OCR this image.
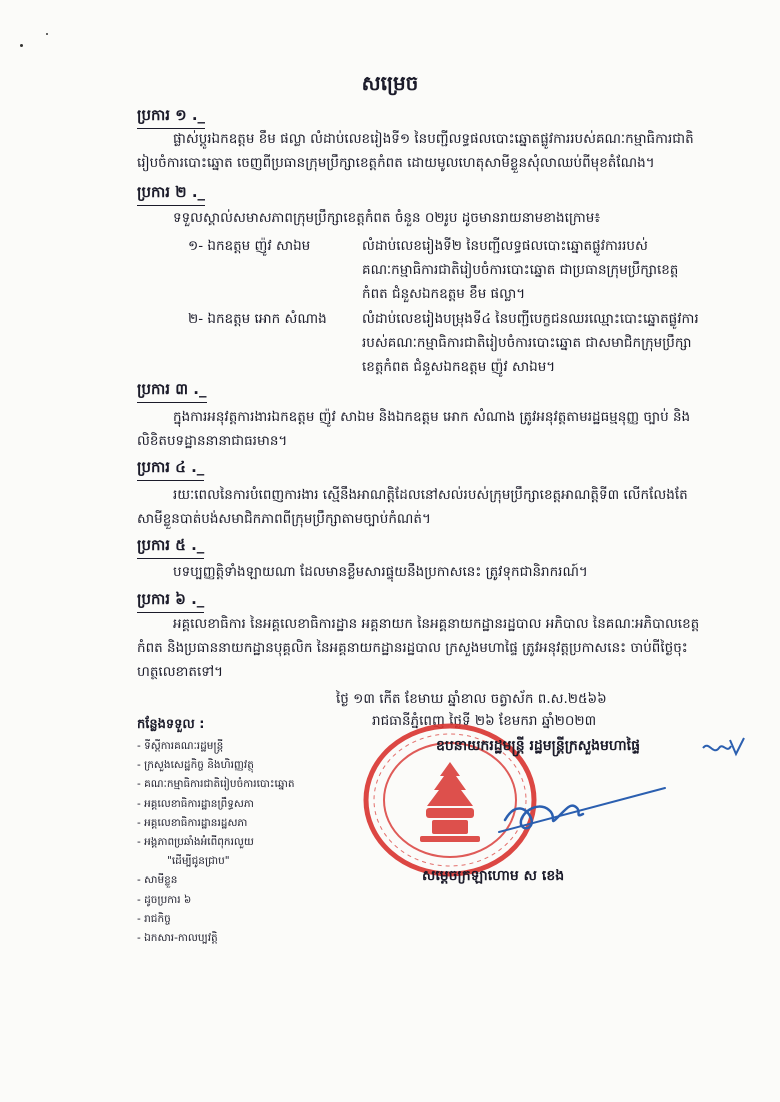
សម្រេច
ប្រការ ១ ._
ផ្លាស់ប្តូរឯកឧត្តម ខឹម ផល្លា លំដាប់លេខរៀងទី១ នៃបញ្ជីលទ្ធផលបោះឆ្នោតផ្លូវការរបស់គណៈកម្មាធិការជាតិរៀបចំការបោះឆ្នោត ចេញពីប្រធានក្រុមប្រឹក្សាខេត្តកំពត ដោយមូលហេតុសាមីខ្លួនសុំលាឈប់ពីមុខតំណែង។
ប្រការ ២ ._
ទទួលស្គាល់សមាសភាពក្រុមប្រឹក្សាខេត្តកំពត ចំនួន ០២រូប ដូចមានរាយនាមខាងក្រោម៖
១- ឯកឧត្តម ញ៉ូវ សាឯម	លំដាប់លេខរៀងទី២ នៃបញ្ជីលទ្ធផលបោះឆ្នោតផ្លូវការរបស់គណៈកម្មាធិការជាតិរៀបចំការបោះឆ្នោត ជាប្រធានក្រុមប្រឹក្សាខេត្តកំពត ជំនួសឯកឧត្តម ខឹម ផល្លា។
២- ឯកឧត្តម អោក សំណាង	លំដាប់លេខរៀងបម្រុងទី៤ នៃបញ្ជីបេក្ខជនឈរឈ្មោះបោះឆ្នោតផ្លូវការរបស់គណៈកម្មាធិការជាតិរៀបចំការបោះឆ្នោត ជាសមាជិកក្រុមប្រឹក្សាខេត្តកំពត ជំនួសឯកឧត្តម ញ៉ូវ សាឯម។
ប្រការ ៣ ._
ក្នុងការអនុវត្តការងារឯកឧត្តម ញ៉ូវ សាឯម និងឯកឧត្តម អោក សំណាង ត្រូវអនុវត្តតាមរដ្ឋធម្មនុញ្ញ ច្បាប់ និងលិខិតបទដ្ឋាននានាជាធរមាន។
ប្រការ ៤ ._
រយៈពេលនៃការបំពេញការងារ ស្មើនឹងអាណត្តិដែលនៅសល់របស់ក្រុមប្រឹក្សាខេត្តអាណត្តិទី៣ លើកលែងតែសាមីខ្លួនបាត់បង់សមាជិកភាពពីក្រុមប្រឹក្សាតាមច្បាប់កំណត់។
ប្រការ ៥ ._
បទប្បញ្ញត្តិទាំងឡាយណា ដែលមានខ្លឹមសារផ្ទុយនឹងប្រកាសនេះ ត្រូវទុកជានិរាករណ៍។
ប្រការ ៦ ._
អគ្គលេខាធិការ នៃអគ្គលេខាធិការដ្ឋាន អគ្គនាយក នៃអគ្គនាយកដ្ឋានរដ្ឋបាល អភិបាល នៃគណៈអភិបាលខេត្តកំពត និងប្រធាននាយកដ្ឋានបុគ្គលិក នៃអគ្គនាយកដ្ឋានរដ្ឋបាល ក្រសួងមហាផ្ទៃ ត្រូវអនុវត្តប្រកាសនេះ ចាប់ពីថ្ងៃចុះហត្ថលេខាតទៅ។
ថ្ងៃ ១៣ កើត ខែមាឃ ឆ្នាំខាល ចត្វាស័ក ព.ស.២៥៦៦
រាជធានីភ្នំពេញ ថ្ងៃទី ២៦ ខែមករា ឆ្នាំ២០២៣
ឧបនាយករដ្ឋមន្ត្រី រដ្ឋមន្ត្រីក្រសួងមហាផ្ទៃ
សម្តេចក្រឡាហោម ស ខេង
កន្លែងទទួល :
- ទីស្តីការគណៈរដ្ឋមន្ត្រី
- ក្រសួងសេដ្ឋកិច្ច និងហិរញ្ញវត្ថុ
- គណៈកម្មាធិការជាតិរៀបចំការបោះឆ្នោត
- អគ្គលេខាធិការដ្ឋានព្រឹទ្ធសភា
- អគ្គលេខាធិការដ្ឋានរដ្ឋសភា
- អង្គភាពប្រឆាំងអំពើពុករលួយ
"ដើម្បីជូនជ្រាប"
- សាមីខ្លួន
- ដូចប្រការ ៦
- រាជកិច្ច
- ឯកសារ-កាលប្បវត្តិ
